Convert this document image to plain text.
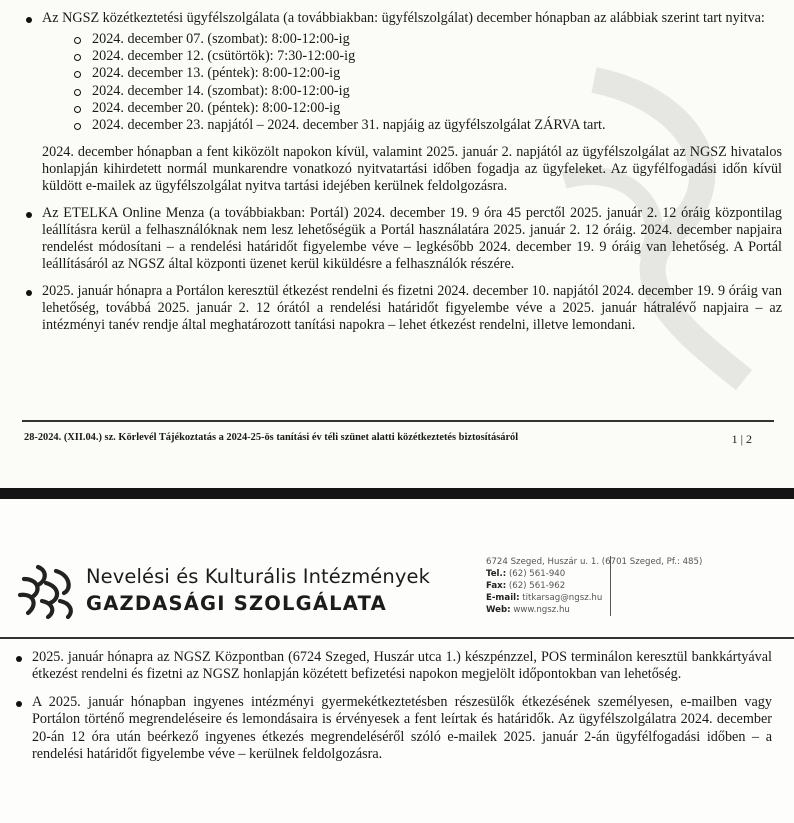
Az NGSZ közétkeztetési ügyfélszolgálata (a továbbiakban: ügyfélszolgálat) december hónapban az alábbiak szerint tart nyitva:

2024. december 07. (szombat): 8:00-12:00-ig
2024. december 12. (csütörtök): 7:30-12:00-ig
2024. december 13. (péntek): 8:00-12:00-ig
2024. december 14. (szombat): 8:00-12:00-ig
2024. december 20. (péntek): 8:00-12:00-ig
2024. december 23. napjától – 2024. december 31. napjáig az ügyfélszolgálat ZÁRVA tart.

2024. december hónapban a fent kiközölt napokon kívül, valamint 2025. január 2. napjától az ügyfélszolgálat az NGSZ hivatalos honlapján kihirdetett normál munkarendre vonatkozó nyitvatartási időben fogadja az ügyfeleket. Az ügyfélfogadási időn kívül küldött e-mailek az ügyfélszolgálat nyitva tartási idejében kerülnek feldolgozásra.

Az ETELKA Online Menza (a továbbiakban: Portál) 2024. december 19. 9 óra 45 perctől 2025. január 2. 12 óráig központilag leállításra kerül a felhasználóknak nem lesz lehetőségük a Portál használatára 2025. január 2. 12 óráig. 2024. december napjaira rendelést módosítani – a rendelési határidőt figyelembe véve – legkésőbb 2024. december 19. 9 óráig van lehetőség. A Portál leállításáról az NGSZ által központi üzenet kerül kiküldésre a felhasználók részére.

2025. január hónapra a Portálon keresztül étkezést rendelni és fizetni 2024. december 10. napjától 2024. december 19. 9 óráig van lehetőség, továbbá 2025. január 2. 12 órától a rendelési határidőt figyelembe véve a 2025. január hátralévő napjaira – az intézményi tanév rendje által meghatározott tanítási napokra – lehet étkezést rendelni, illetve lemondani.

28-2024. (XII.04.) sz. Körlevél Tájékoztatás a 2024-25-ös tanítási év téli szünet alatti közétkeztetés biztosításáról	1 | 2
Nevelési és Kulturális Intézmények
GAZDASÁGI SZOLGÁLATA
6724 Szeged, Huszár u. 1. (6701 Szeged, Pf.: 485)
Tel.: (62) 561-940
Fax: (62) 561-962
E-mail: titkarsag@ngsz.hu
Web: www.ngsz.hu

2025. január hónapra az NGSZ Központban (6724 Szeged, Huszár utca 1.) készpénzzel, POS terminálon keresztül bankkártyával étkezést rendelni és fizetni az NGSZ honlapján közétett befizetési napokon megjelölt időpontokban van lehetőség.

A 2025. január hónapban ingyenes intézményi gyermekétkeztetésben részesülők étkezésének személyesen, e-mailben vagy Portálon történő megrendeléseire és lemondásaira is érvényesek a fent leírtak és határidők. Az ügyfélszolgálatra 2024. december 20-án 12 óra után beérkező ingyenes étkezés megrendeléséről szóló e-mailek 2025. január 2-án ügyfélfogadási időben – a rendelési határidőt figyelembe véve – kerülnek feldolgozásra.
